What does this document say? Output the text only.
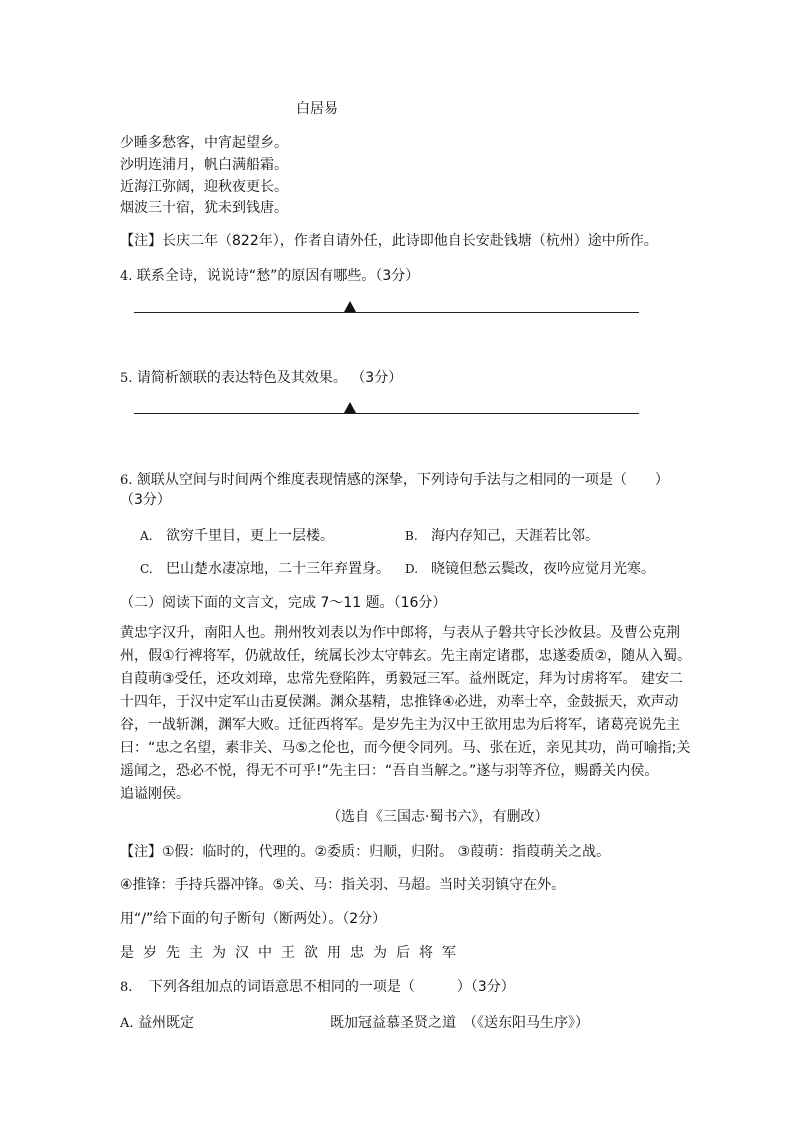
白居易
少睡多愁客，中宵起望乡。
沙明连浦月，帆白满船霜。
近海江弥阔，迎秋夜更长。
烟波三十宿，犹未到钱唐。
【注】长庆二年（822年），作者自请外任，此诗即他自长安赴钱塘（杭州）途中所作。
4. 联系全诗，说说诗“愁”的原因有哪些。（3分）
5. 请简析颔联的表达特色及其效果。 （3分）
6. 颔联从空间与时间两个维度表现情感的深挚，下列诗句手法与之相同的一项是（　　）
（3分）
A. 欲穷千里目，更上一层楼。	B. 海内存知己，天涯若比邻。
C. 巴山楚水凄凉地，二十三年弃置身。 D. 晓镜但愁云鬓改，夜吟应觉月光寒。
（二）阅读下面的文言文，完成 7～11 题。（16分）
黄忠字汉升，南阳人也。荆州牧刘表以为作中郎将，与表从子磐共守长沙攸县。及曹公克荆
州，假①行裨将军，仍就故任，统属长沙太守韩玄。先主南定诸郡，忠遂委质②，随从入蜀。
自葭萌③受任，还攻刘璋，忠常先登陷阵，勇毅冠三军。益州既定，拜为讨虏将军。 建安二
十四年，于汉中定军山击夏侯渊。渊众基精，忠推锋④必进，劝率士卒，金鼓振天，欢声动
谷，一战斩渊，渊军大败。迁征西将军。是岁先主为汉中王欲用忠为后将军，诸葛亮说先主
曰：“忠之名望，素非关、马⑤之伦也，而今便令同列。马、张在近，亲见其功，尚可喻指;关
遥闻之，恐必不悦，得无不可乎!”先主曰：“吾自当解之。”遂与羽等齐位，赐爵关内侯。
追谥刚侯。
（选自《三国志·蜀书六》，有删改）
【注】①假：临时的，代理的。②委质：归顺，归附。 ③葭萌：指葭萌关之战。
④推锋：手持兵器冲锋。⑤关、马：指关羽、马超。当时关羽镇守在外。
用“/”给下面的句子断句（断两处）。（2分）
是岁先主为汉中王欲用忠为后将军
8. 下列各组加点的词语意思不相同的一项是（　　　）（3分）
A. 益州既定	既加冠益慕圣贤之道　（《送东阳马生序》）
